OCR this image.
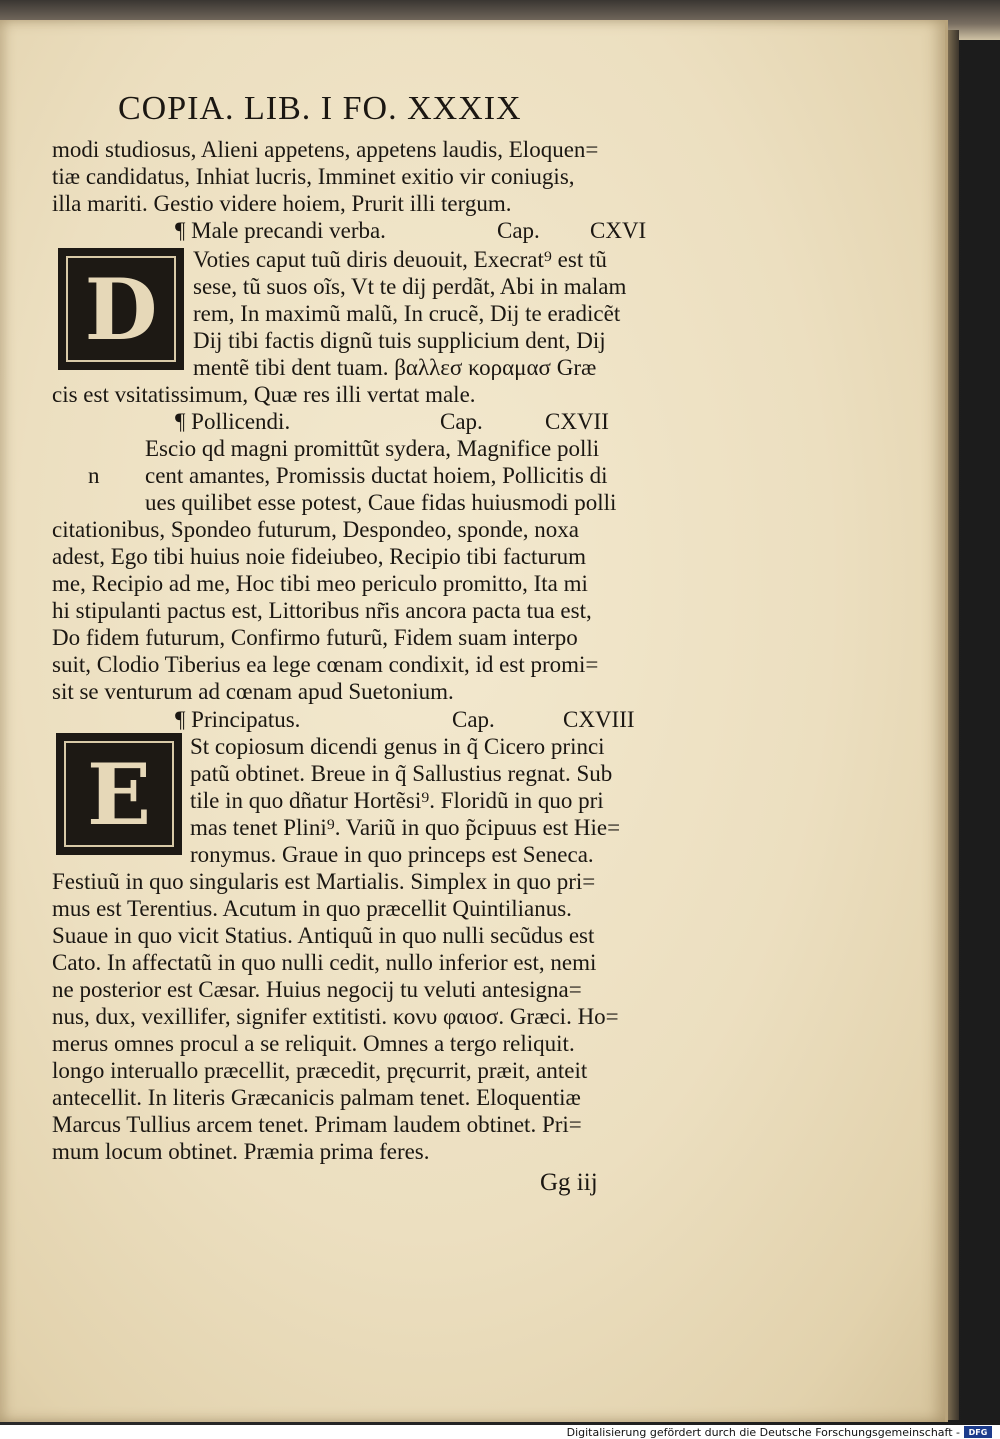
COPIA. LIB. I FO. XXXIX
modi studiosus, Alieni appetens, appetens laudis, Eloquen=
tiæ candidatus, Inhiat lucris, Imminet exitio vir coniugis,
illa mariti. Gestio videre hoiem, Prurit illi tergum.
¶ Male precandi verba.	Cap. CXVI
D	Voties caput tuũ diris deuouit, Execrat⁹ est tũ
sese, tũ suos oĩs, Vt te dij perdãt, Abi in malam
rem, In maximũ malũ, In crucẽ, Dij te eradicẽt
Dij tibi factis dignũ tuis supplicium dent, Dij
mentẽ tibi dent tuam. βαλλεσ κοραμασ Græ
cis est vsitatissimum, Quæ res illi vertat male.
¶ Pollicendi.	Cap.	CXVII
n
Escio qd magni promittũt sydera, Magnifice polli
cent amantes, Promissis ductat hoiem, Pollicitis di
ues quilibet esse potest, Caue fidas huiusmodi polli
citationibus, Spondeo futurum, Despondeo, sponde, noxa
adest, Ego tibi huius noie fideiubeo, Recipio tibi facturum
me, Recipio ad me, Hoc tibi meo periculo promitto, Ita mi
hi stipulanti pactus est, Littoribus nr̃is ancora pacta tua est,
Do fidem futurum, Confirmo futurũ, Fidem suam interpo
suit, Clodio Tiberius ea lege cœnam condixit, id est promi=
sit se venturum ad cœnam apud Suetonium.
¶ Principatus.	Cap.	CXVIII
E	St copiosum dicendi genus in q̃ Cicero princi
patũ obtinet. Breue in q̃ Sallustius regnat. Sub
tile in quo dñatur Hortẽsi⁹. Floridũ in quo pri
mas tenet Plini⁹. Variũ in quo p̃cipuus est Hie=
ronymus. Graue in quo princeps est Seneca.
Festiuũ in quo singularis est Martialis. Simplex in quo pri=
mus est Terentius. Acutum in quo præcellit Quintilianus.
Suaue in quo vicit Statius. Antiquũ in quo nulli secũdus est
Cato. In affectatũ in quo nulli cedit, nullo inferior est, nemi
ne posterior est Cæsar. Huius negocij tu veluti antesigna=
nus, dux, vexillifer, signifer extitisti. κονυ φαιοσ. Græci. Ho=
merus omnes procul a se reliquit. Omnes a tergo reliquit.
longo interuallo præcellit, præcedit, pręcurrit, præit, anteit
antecellit. In literis Græcanicis palmam tenet. Eloquentiæ
Marcus Tullius arcem tenet. Primam laudem obtinet. Pri=
mum locum obtinet. Præmia prima feres.
Gg iij
Digitalisierung gefördert durch die Deutsche Forschungsgemeinschaft -	DFG
